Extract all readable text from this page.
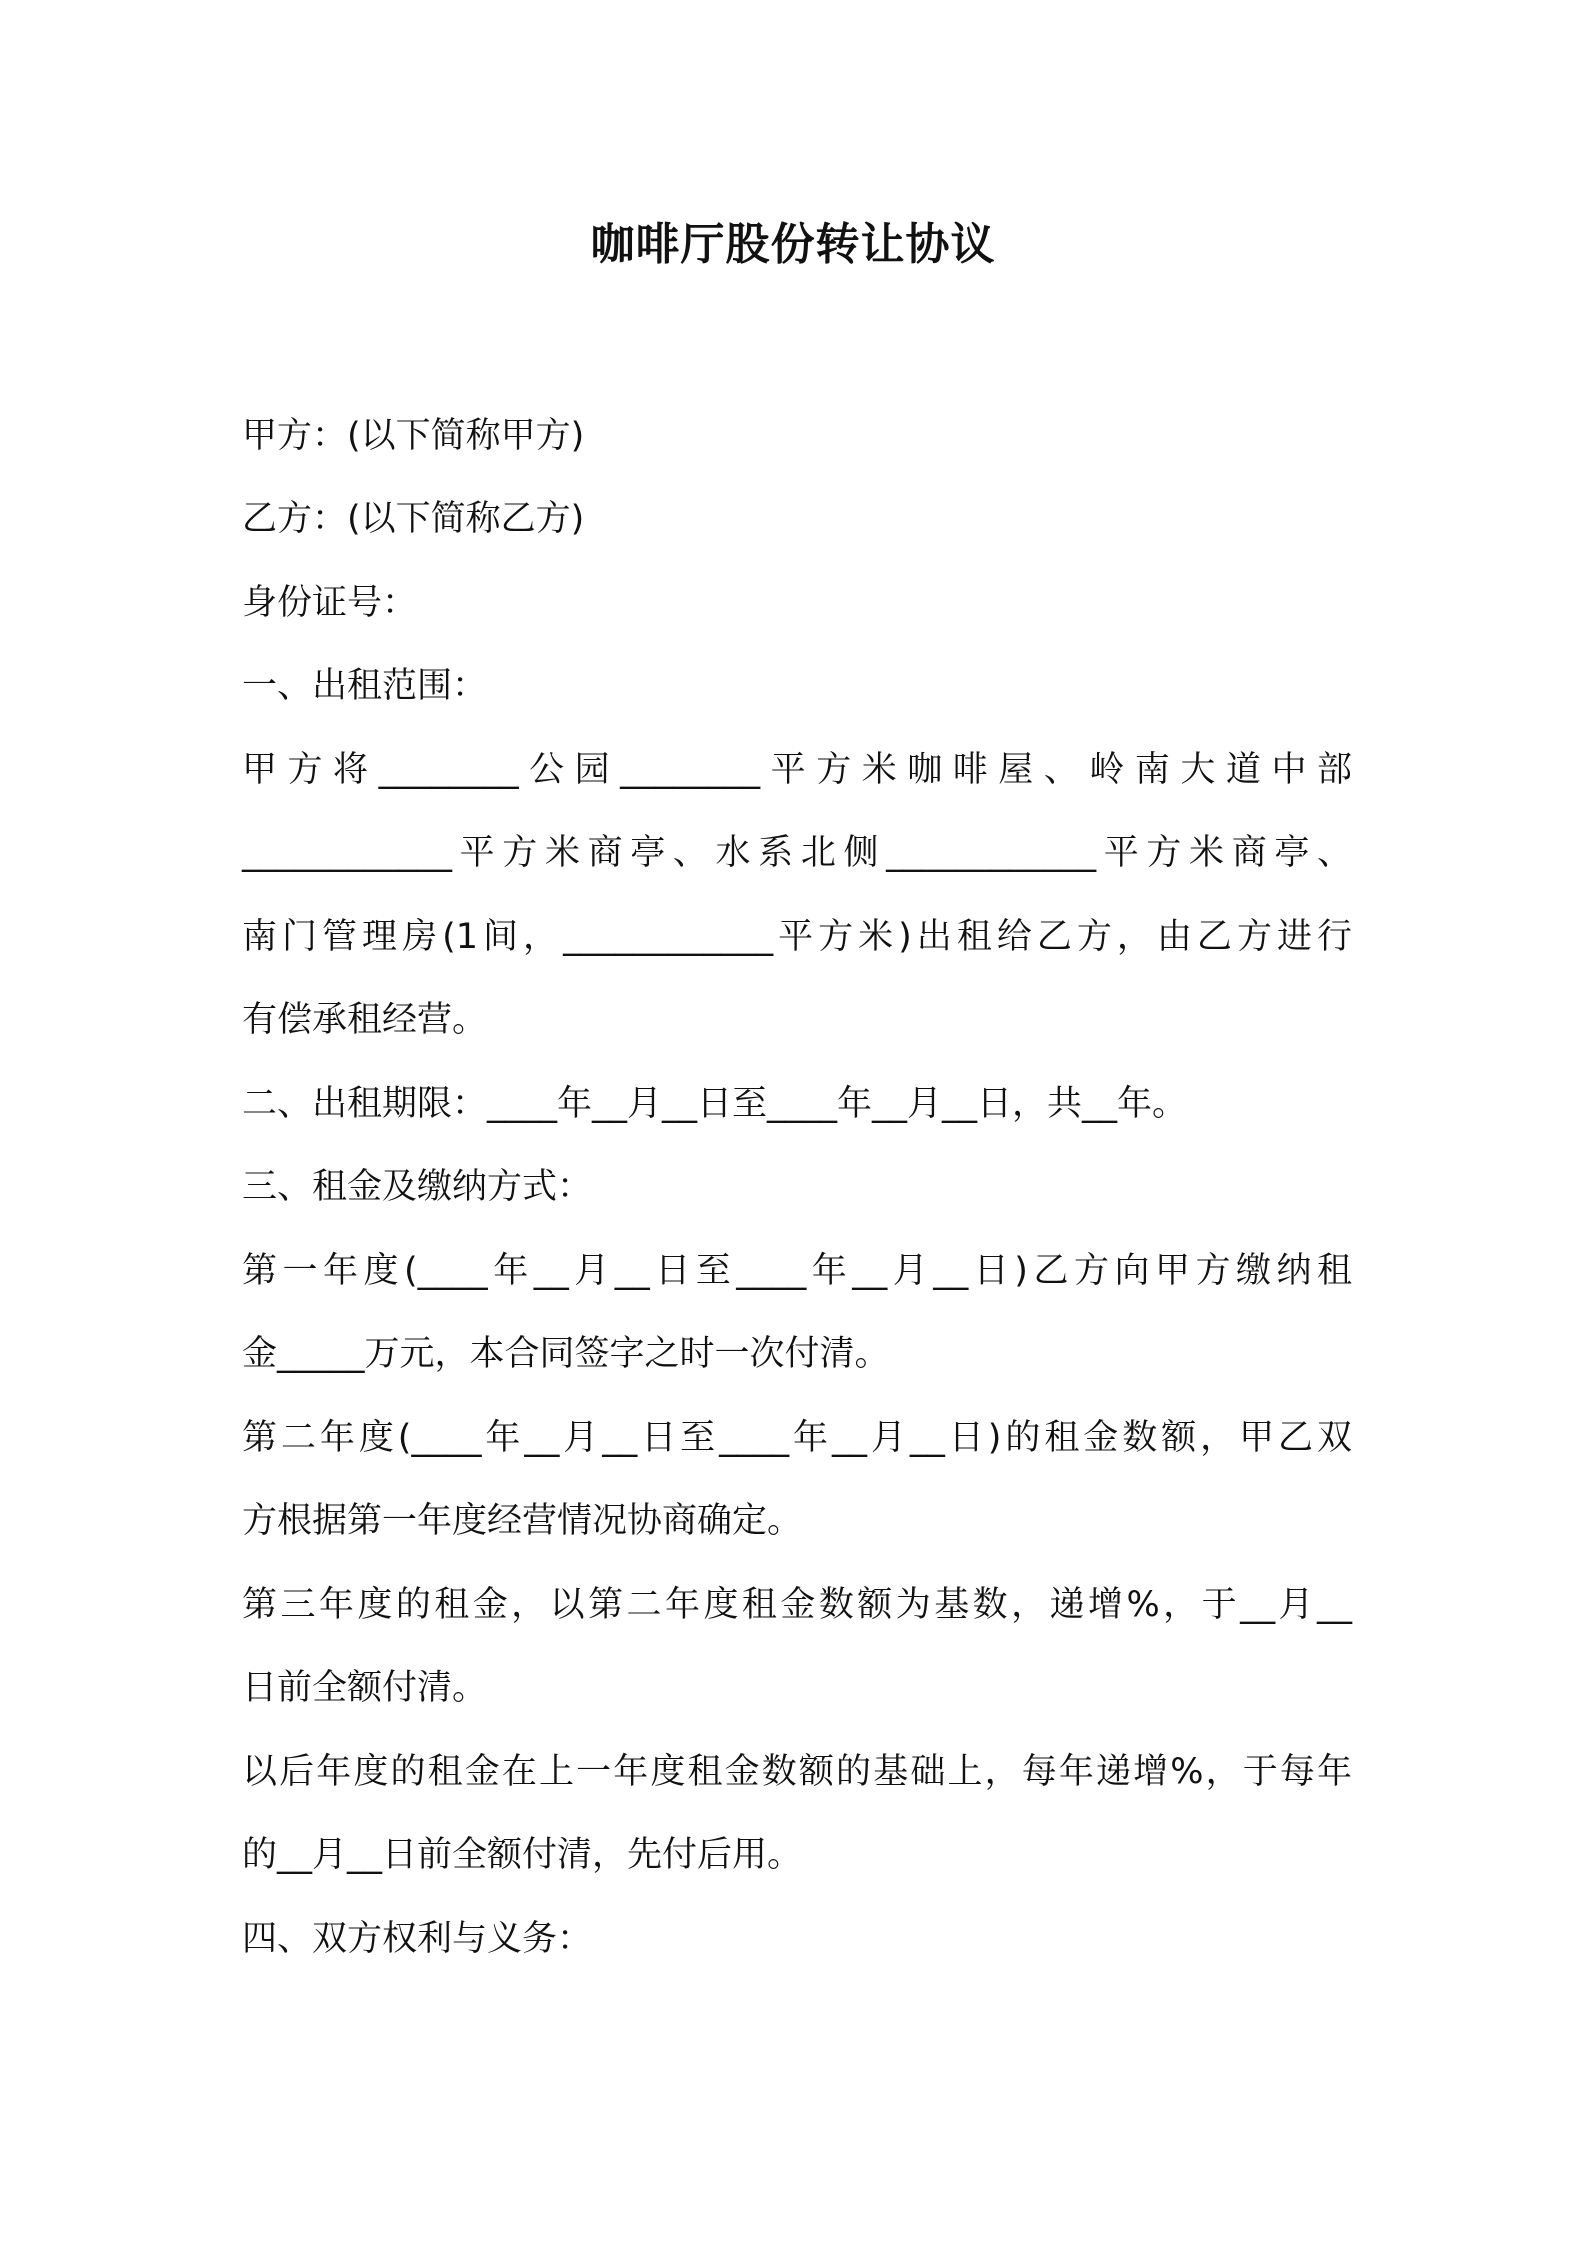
咖啡厅股份转让协议

甲方：(以下简称甲方)

乙方：(以下简称乙方)

身份证号：

一、出租范围：

甲方将________公园________平方米咖啡屋、岭南大道中部

____________平方米商亭、水系北侧____________平方米商亭、

南门管理房(1间，____________平方米)出租给乙方，由乙方进行

有偿承租经营。

二、出租期限：____年__月__日至____年__月__日，共__年。

三、租金及缴纳方式：

第一年度(____年__月__日至____年__月__日)乙方向甲方缴纳租

金_____万元，本合同签字之时一次付清。

第二年度(____年__月__日至____年__月__日)的租金数额，甲乙双

方根据第一年度经营情况协商确定。

第三年度的租金，以第二年度租金数额为基数，递增%，于__月__

日前全额付清。

以后年度的租金在上一年度租金数额的基础上，每年递增%，于每年

的__月__日前全额付清，先付后用。

四、双方权利与义务：
